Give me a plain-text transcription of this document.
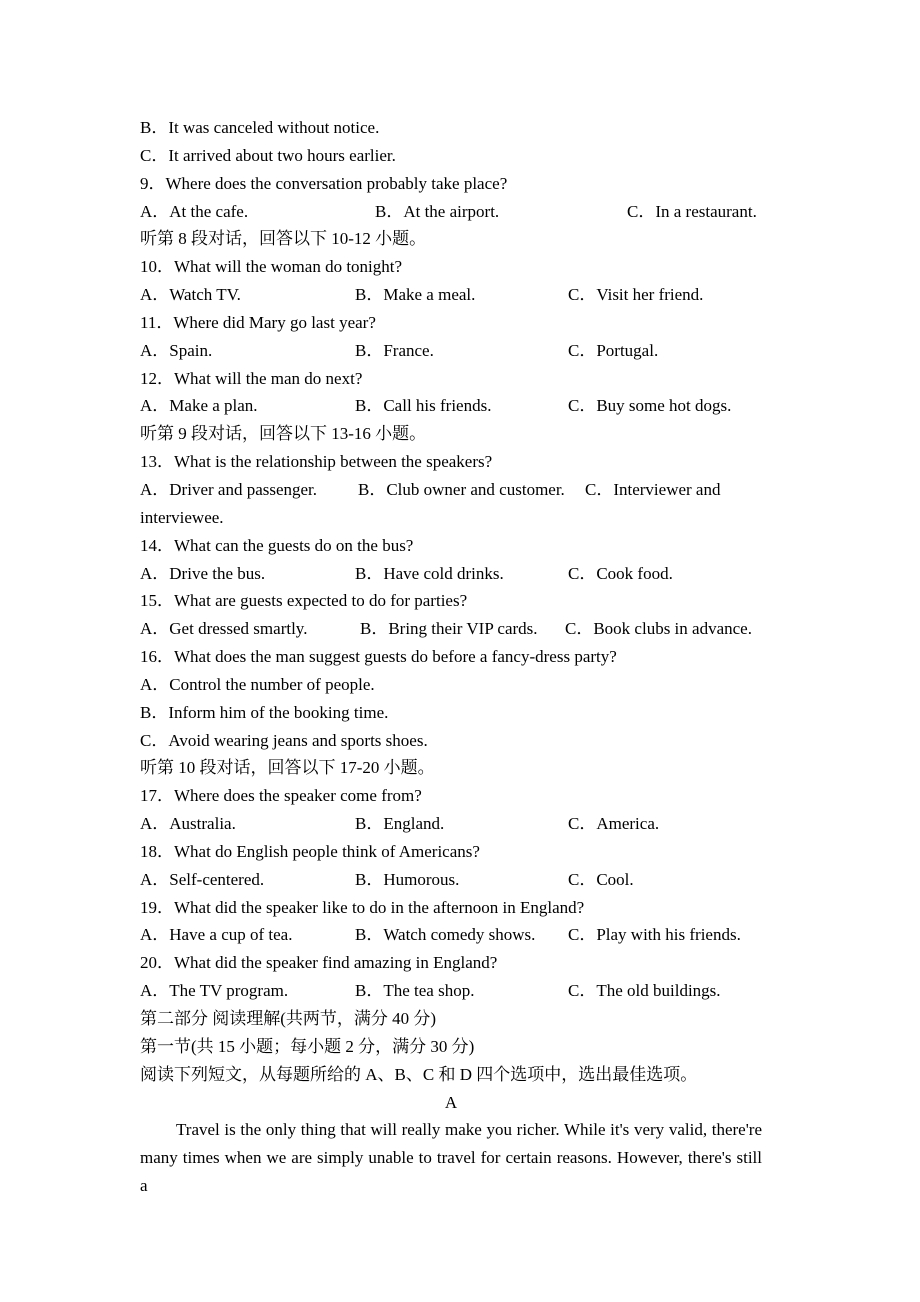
B．It was canceled without notice.
C．It arrived about two hours earlier.
9．Where does the conversation probably take place?
A．At the cafe.	B．At the airport.	C．In a restaurant.
听第 8 段对话，回答以下 10-12 小题。
10．What will the woman do tonight?
A．Watch TV.	B．Make a meal.	C．Visit her friend.
11．Where did Mary go last year?
A．Spain.	B．France.	C．Portugal.
12．What will the man do next?
A．Make a plan.	B．Call his friends.	C．Buy some hot dogs.
听第 9 段对话，回答以下 13-16 小题。
13．What is the relationship between the speakers?
A．Driver and passenger.	B．Club owner and customer.	C．Interviewer and
interviewee.
14．What can the guests do on the bus?
A．Drive the bus.	B．Have cold drinks.	C．Cook food.
15．What are guests expected to do for parties?
A．Get dressed smartly.	B．Bring their VIP cards.	C．Book clubs in advance.
16．What does the man suggest guests do before a fancy-dress party?
A．Control the number of people.
B．Inform him of the booking time.
C．Avoid wearing jeans and sports shoes.
听第 10 段对话，回答以下 17-20 小题。
17．Where does the speaker come from?
A．Australia.	B．England.	C．America.
18．What do English people think of Americans?
A．Self-centered.	B．Humorous.	C．Cool.
19．What did the speaker like to do in the afternoon in England?
A．Have a cup of tea.	B．Watch comedy shows.	C．Play with his friends.
20．What did the speaker find amazing in England?
A．The TV program.	B．The tea shop.	C．The old buildings.
第二部分 阅读理解(共两节，满分 40 分)
第一节(共 15 小题；每小题 2 分，满分 30 分)
阅读下列短文，从每题所给的 A、B、C 和 D 四个选项中，选出最佳选项。
A
Travel is the only thing that will really make you richer. While it's very valid, there're
many times when we are simply unable to travel for certain reasons. However, there's still a
